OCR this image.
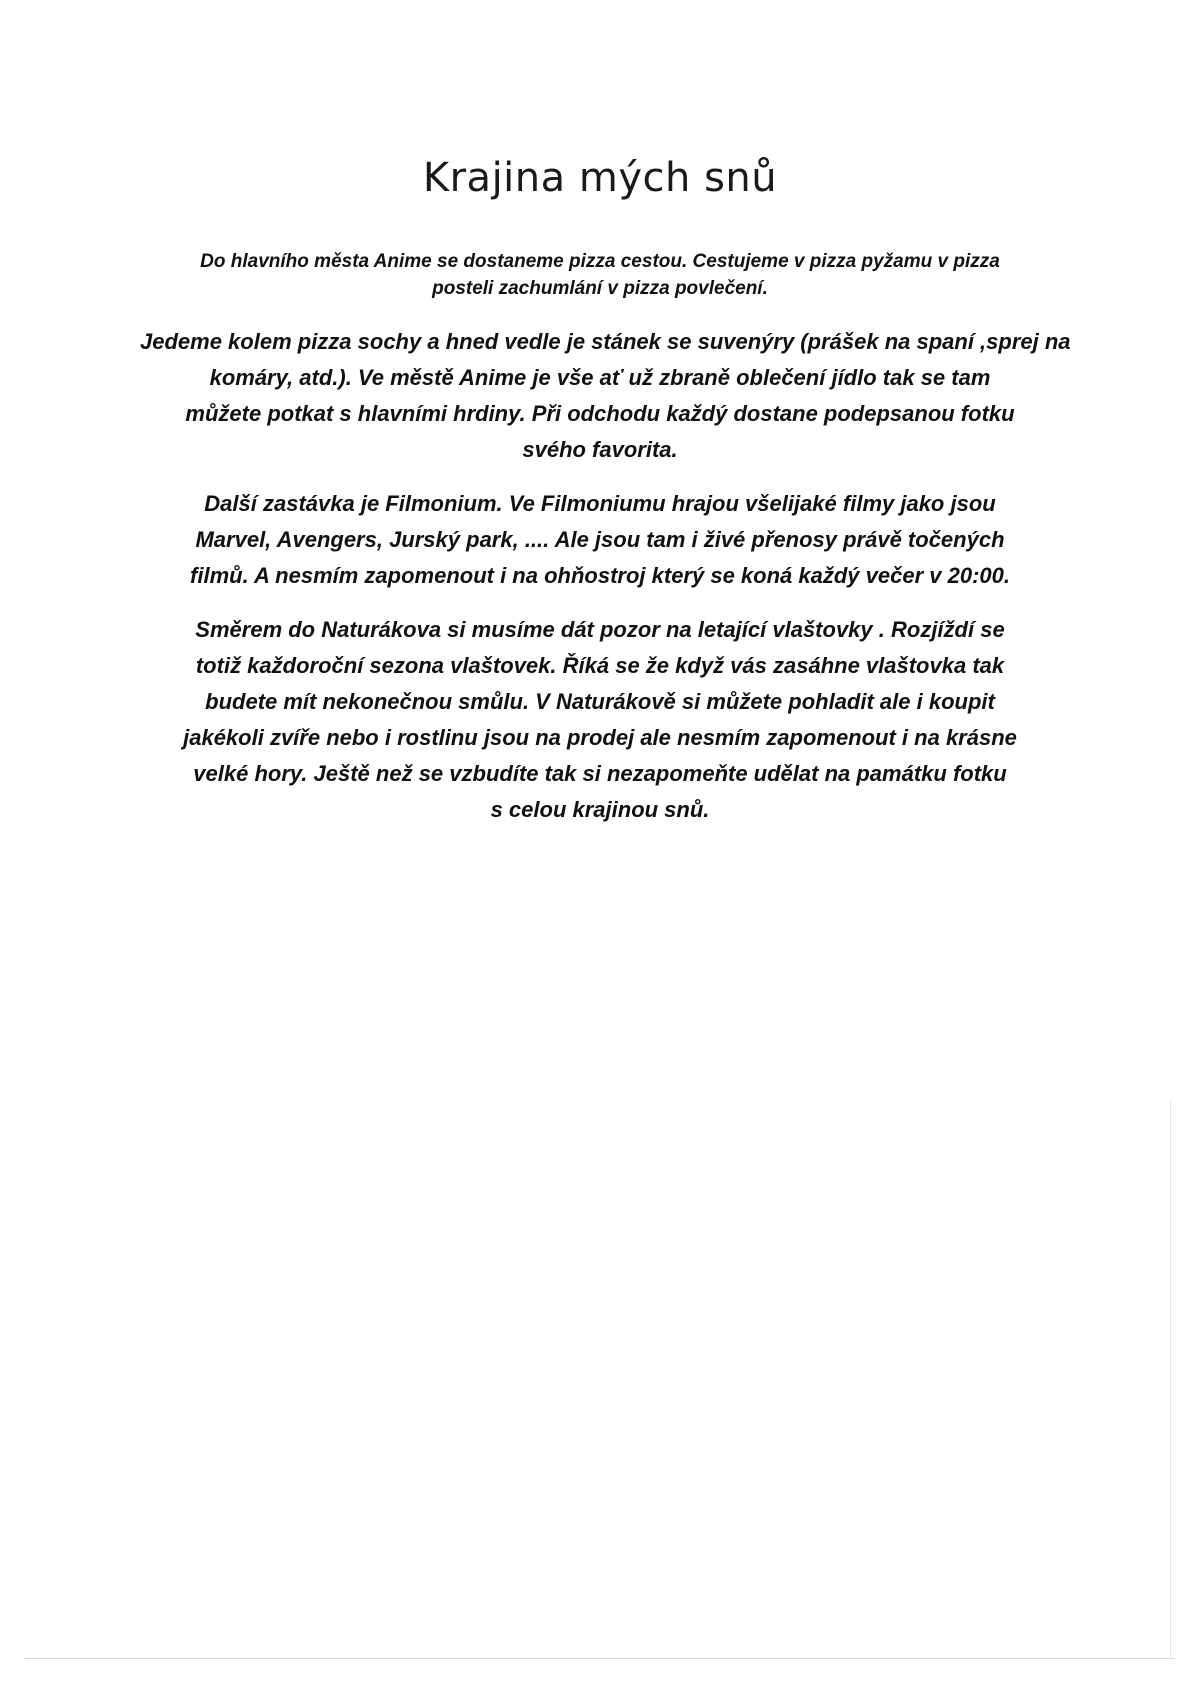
Krajina mých snů

Do hlavního města Anime se dostaneme pizza cestou. Cestujeme v pizza pyžamu v pizza
posteli zachumlání v pizza povlečení.

Jedeme kolem pizza sochy a hned vedle je stánek se suvenýry (prášek na spaní ,sprej na
komáry, atd.). Ve městě Anime je vše ať už zbraně oblečení jídlo tak se tam
můžete potkat s hlavními hrdiny. Při odchodu každý dostane podepsanou fotku
svého favorita.

Další zastávka je Filmonium. Ve Filmoniumu hrajou všelijaké filmy jako jsou
Marvel, Avengers, Jurský park, .... Ale jsou tam i živé přenosy právě točených
filmů. A nesmím zapomenout i na ohňostroj který se koná každý večer v 20:00.

Směrem do Naturákova si musíme dát pozor na letající vlaštovky . Rozjíždí se
totiž každoroční sezona vlaštovek. Říká se že když vás zasáhne vlaštovka tak
budete mít nekonečnou smůlu. V Naturákově si můžete pohladit ale i koupit
jakékoli zvíře nebo i rostlinu jsou na prodej ale nesmím zapomenout i na krásne
velké hory. Ještě než se vzbudíte tak si nezapomeňte udělat na památku fotku
s celou krajinou snů.
